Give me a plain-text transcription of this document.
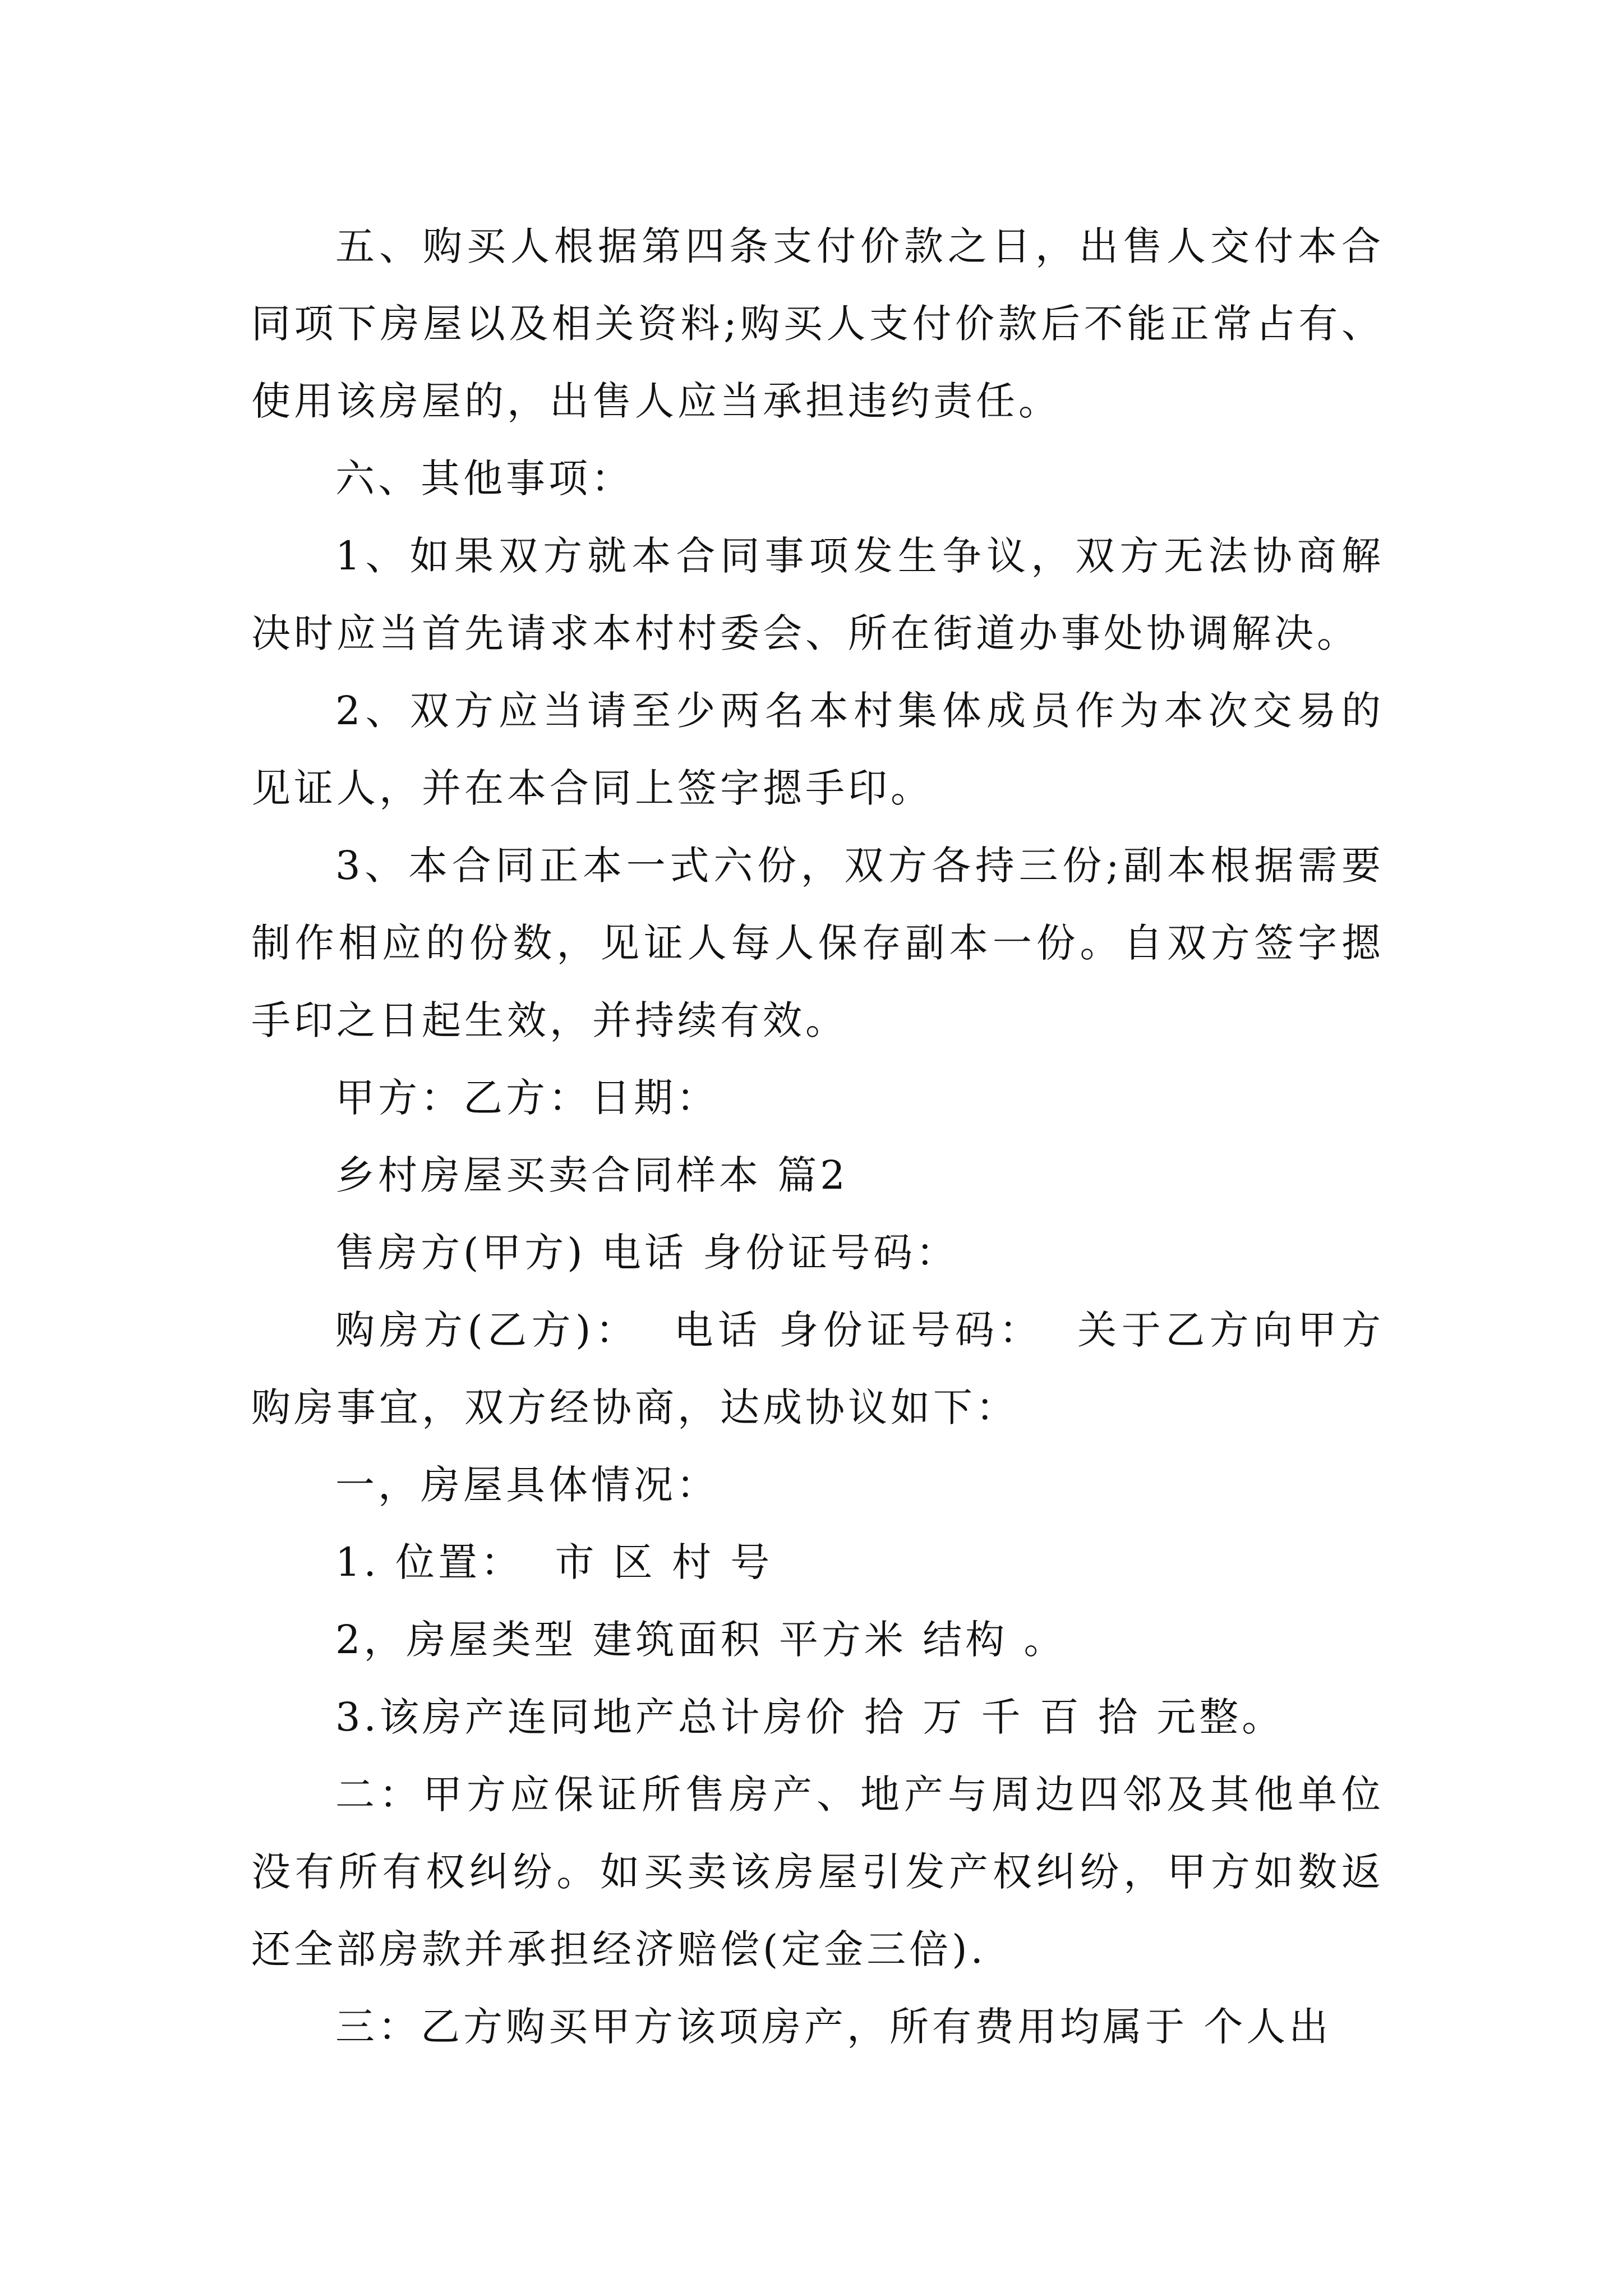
五、购买人根据第四条支付价款之日，出售人交付本合同项下房屋以及相关资料;购买人支付价款后不能正常占有、使用该房屋的，出售人应当承担违约责任。

六、其他事项：

1、如果双方就本合同事项发生争议，双方无法协商解决时应当首先请求本村村委会、所在街道办事处协调解决。

2、双方应当请至少两名本村集体成员作为本次交易的见证人，并在本合同上签字摁手印。

3、本合同正本一式六份，双方各持三份;副本根据需要制作相应的份数，见证人每人保存副本一份。自双方签字摁手印之日起生效，并持续有效。

甲方：乙方：日期：

乡村房屋买卖合同样本 篇2

售房方(甲方) 电话 身份证号码：

购房方(乙方)：  电话 身份证号码：  关于乙方向甲方购房事宜，双方经协商，达成协议如下：

一，房屋具体情况：

1. 位置：  市 区 村 号

2，房屋类型 建筑面积 平方米 结构 。

3.该房产连同地产总计房价 拾 万 千 百 拾 元整。

二：甲方应保证所售房产、地产与周边四邻及其他单位没有所有权纠纷。如买卖该房屋引发产权纠纷，甲方如数返还全部房款并承担经济赔偿(定金三倍).

三：乙方购买甲方该项房产，所有费用均属于 个人出
